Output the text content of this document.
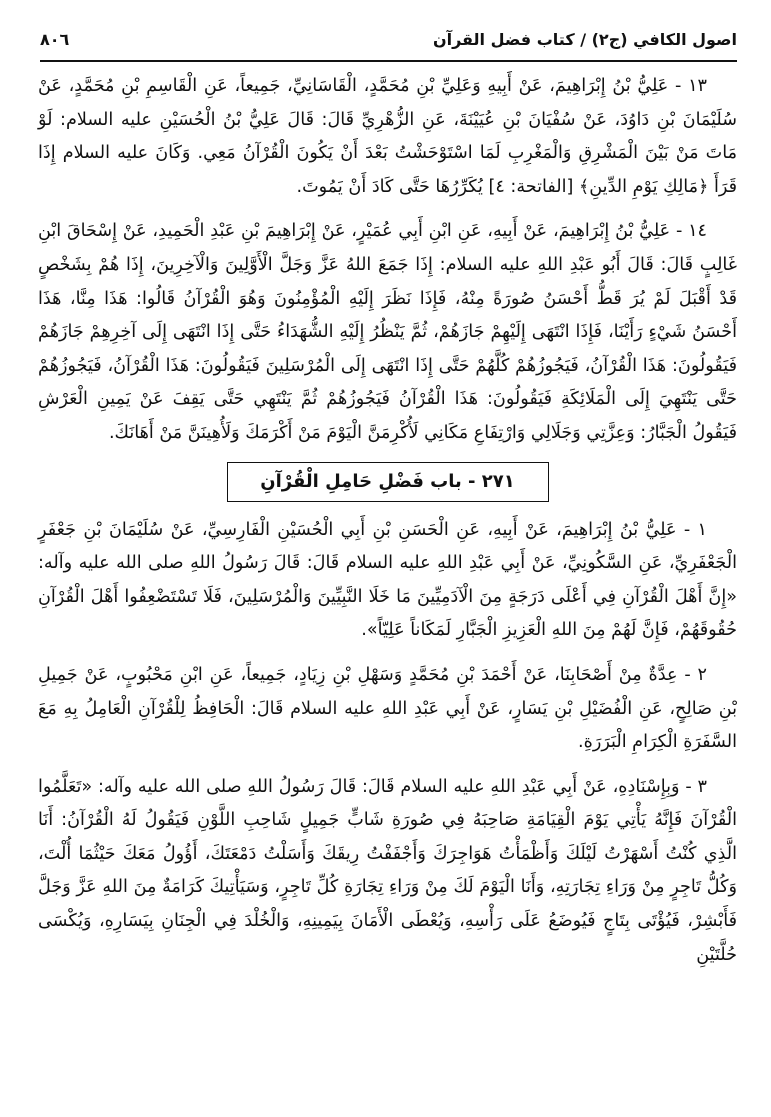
اصول الكافي (ج٢) / كتاب فضل القرآن
٨٠٦

١٣ - عَلِيُّ بْنُ إِبْرَاهِيمَ، عَنْ أَبِيهِ وَعَلِيِّ بْنِ مُحَمَّدٍ، الْقَاسَانِيِّ، جَمِيعاً، عَنِ الْقَاسِمِ بْنِ مُحَمَّدٍ، عَنْ سُلَيْمَانَ بْنِ دَاوُدَ، عَنْ سُفْيَانَ بْنِ عُيَيْنَةَ، عَنِ الزُّهْرِيِّ قَالَ: قَالَ عَلِيُّ بْنُ الْحُسَيْنِ عليه السلام: لَوْ مَاتَ مَنْ بَيْنَ الْمَشْرِقِ وَالْمَغْرِبِ لَمَا اسْتَوْحَشْتُ بَعْدَ أَنْ يَكُونَ الْقُرْآنُ مَعِي. وَكَانَ عليه السلام إِذَا قَرَأَ ﴿مَالِكِ يَوْمِ الدِّينِ﴾ [الفاتحة: ٤] يُكَرِّرُهَا حَتَّى كَادَ أَنْ يَمُوتَ.

١٤ - عَلِيُّ بْنُ إِبْرَاهِيمَ، عَنْ أَبِيهِ، عَنِ ابْنِ أَبِي عُمَيْرٍ، عَنْ إِبْرَاهِيمَ بْنِ عَبْدِ الْحَمِيدِ، عَنْ إِسْحَاقَ ابْنِ غَالِبٍ قَالَ: قَالَ أَبُو عَبْدِ اللهِ عليه السلام: إِذَا جَمَعَ اللهُ عَزَّ وَجَلَّ الْأَوَّلِينَ وَالْآخِرِينَ، إِذَا هُمْ بِشَخْصٍ قَدْ أَقْبَلَ لَمْ يُرَ قَطُّ أَحْسَنُ صُورَةً مِنْهُ، فَإِذَا نَظَرَ إِلَيْهِ الْمُؤْمِنُونَ وَهُوَ الْقُرْآنُ قَالُوا: هَذَا مِنَّا، هَذَا أَحْسَنُ شَيْءٍ رَأَيْنَا، فَإِذَا انْتَهَى إِلَيْهِمْ جَازَهُمْ، ثُمَّ يَنْظُرُ إِلَيْهِ الشُّهَدَاءُ حَتَّى إِذَا انْتَهَى إِلَى آخِرِهِمْ جَازَهُمْ فَيَقُولُونَ: هَذَا الْقُرْآنُ، فَيَجُوزُهُمْ كُلَّهُمْ حَتَّى إِذَا انْتَهَى إِلَى الْمُرْسَلِينَ فَيَقُولُونَ: هَذَا الْقُرْآنُ، فَيَجُوزُهُمْ حَتَّى يَنْتَهِيَ إِلَى الْمَلَائِكَةِ فَيَقُولُونَ: هَذَا الْقُرْآنُ فَيَجُوزُهُمْ ثُمَّ يَنْتَهِي حَتَّى يَقِفَ عَنْ يَمِينِ الْعَرْشِ فَيَقُولُ الْجَبَّارُ: وَعِزَّتِي وَجَلَالِي وَارْتِفَاعِ مَكَانِي لَأُكْرِمَنَّ الْيَوْمَ مَنْ أَكْرَمَكَ وَلَأُهِينَنَّ مَنْ أَهَانَكَ.

٢٧١ - باب فَضْلِ حَامِلِ الْقُرْآنِ

١ - عَلِيُّ بْنُ إِبْرَاهِيمَ، عَنْ أَبِيهِ، عَنِ الْحَسَنِ بْنِ أَبِي الْحُسَيْنِ الْفَارِسِيِّ، عَنْ سُلَيْمَانَ بْنِ جَعْفَرٍ الْجَعْفَرِيِّ، عَنِ السَّكُونِيِّ، عَنْ أَبِي عَبْدِ اللهِ عليه السلام قَالَ: قَالَ رَسُولُ اللهِ صلى الله عليه وآله: «إِنَّ أَهْلَ الْقُرْآنِ فِي أَعْلَى دَرَجَةٍ مِنَ الْآدَمِيِّينَ مَا خَلَا النَّبِيِّينَ وَالْمُرْسَلِينَ، فَلَا تَسْتَضْعِفُوا أَهْلَ الْقُرْآنِ حُقُوقَهُمْ، فَإِنَّ لَهُمْ مِنَ اللهِ الْعَزِيزِ الْجَبَّارِ لَمَكَاناً عَلِيّاً».

٢ - عِدَّةٌ مِنْ أَصْحَابِنَا، عَنْ أَحْمَدَ بْنِ مُحَمَّدٍ وَسَهْلِ بْنِ زِيَادٍ، جَمِيعاً، عَنِ ابْنِ مَحْبُوبٍ، عَنْ جَمِيلِ بْنِ صَالِحٍ، عَنِ الْفُضَيْلِ بْنِ يَسَارٍ، عَنْ أَبِي عَبْدِ اللهِ عليه السلام قَالَ: الْحَافِظُ لِلْقُرْآنِ الْعَامِلُ بِهِ مَعَ السَّفَرَةِ الْكِرَامِ الْبَرَرَةِ.

٣ - وَبِإِسْنَادِهِ، عَنْ أَبِي عَبْدِ اللهِ عليه السلام قَالَ: قَالَ رَسُولُ اللهِ صلى الله عليه وآله: «تَعَلَّمُوا الْقُرْآنَ فَإِنَّهُ يَأْتِي يَوْمَ الْقِيَامَةِ صَاحِبَهُ فِي صُورَةِ شَابٍّ جَمِيلٍ شَاحِبِ اللَّوْنِ فَيَقُولُ لَهُ الْقُرْآنُ: أَنَا الَّذِي كُنْتُ أَسْهَرْتُ لَيْلَكَ وَأَظْمَأْتُ هَوَاجِرَكَ وَأَجْفَفْتُ رِيقَكَ وَأَسَلْتُ دَمْعَتَكَ، أَؤُولُ مَعَكَ حَيْثُمَا أُلْتَ، وَكُلُّ تَاجِرٍ مِنْ وَرَاءِ تِجَارَتِهِ، وَأَنَا الْيَوْمَ لَكَ مِنْ وَرَاءِ تِجَارَةِ كُلِّ تَاجِرٍ، وَسَيَأْتِيكَ كَرَامَةٌ مِنَ اللهِ عَزَّ وَجَلَّ فَأَبْشِرْ، فَيُؤْتَى بِتَاجٍ فَيُوضَعُ عَلَى رَأْسِهِ، وَيُعْطَى الْأَمَانَ بِيَمِينِهِ، وَالْخُلْدَ فِي الْجِنَانِ بِيَسَارِهِ، وَيُكْسَى حُلَّتَيْنِ
